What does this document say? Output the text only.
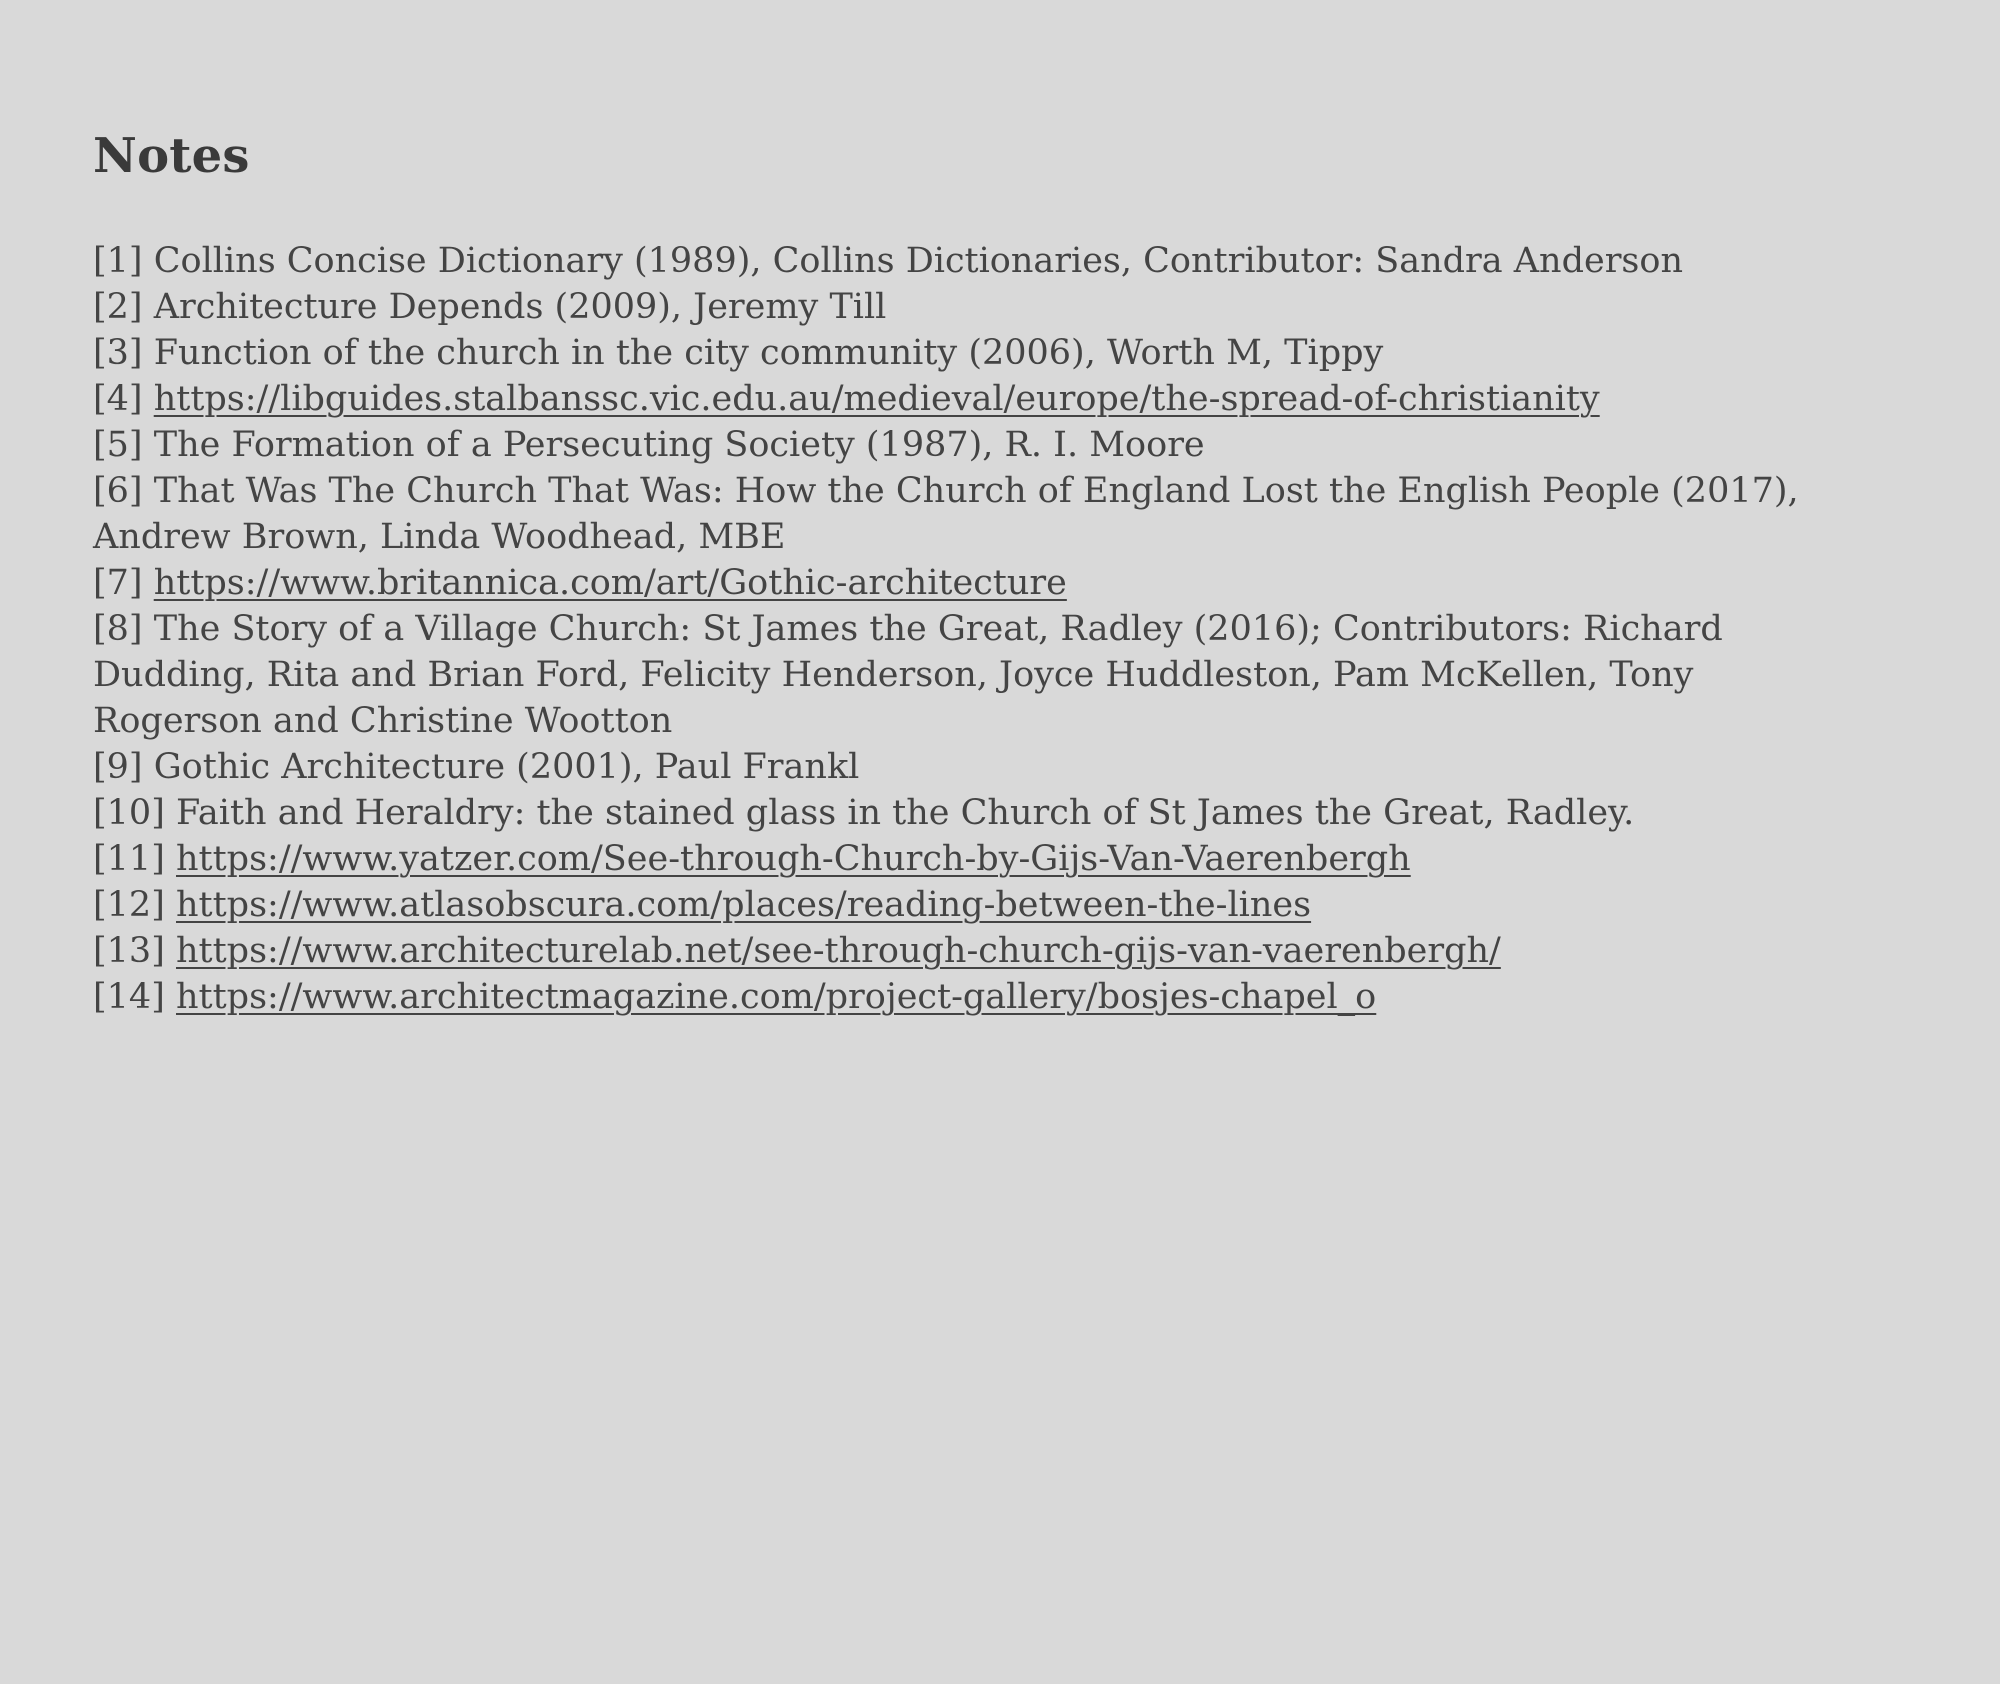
Notes
[1] Collins Concise Dictionary (1989), Collins Dictionaries, Contributor: Sandra Anderson
[2] Architecture Depends (2009), Jeremy Till
[3] Function of the church in the city community (2006), Worth M, Tippy
[4] https://libguides.stalbanssc.vic.edu.au/medieval/europe/the-spread-of-christianity
[5] The Formation of a Persecuting Society (1987), R. I. Moore
[6] That Was The Church That Was: How the Church of England Lost the English People (2017), Andrew Brown, Linda Woodhead, MBE
[7] https://www.britannica.com/art/Gothic-architecture
[8] The Story of a Village Church: St James the Great, Radley (2016); Contributors: Richard Dudding, Rita and Brian Ford, Felicity Henderson, Joyce Huddleston, Pam McKellen, Tony Rogerson and Christine Wootton
[9] Gothic Architecture (2001), Paul Frankl
[10] Faith and Heraldry: the stained glass in the Church of St James the Great, Radley.
[11] https://www.yatzer.com/See-through-Church-by-Gijs-Van-Vaerenbergh
[12] https://www.atlasobscura.com/places/reading-between-the-lines
[13] https://www.architecturelab.net/see-through-church-gijs-van-vaerenbergh/
[14] https://www.architectmagazine.com/project-gallery/bosjes-chapel_o
